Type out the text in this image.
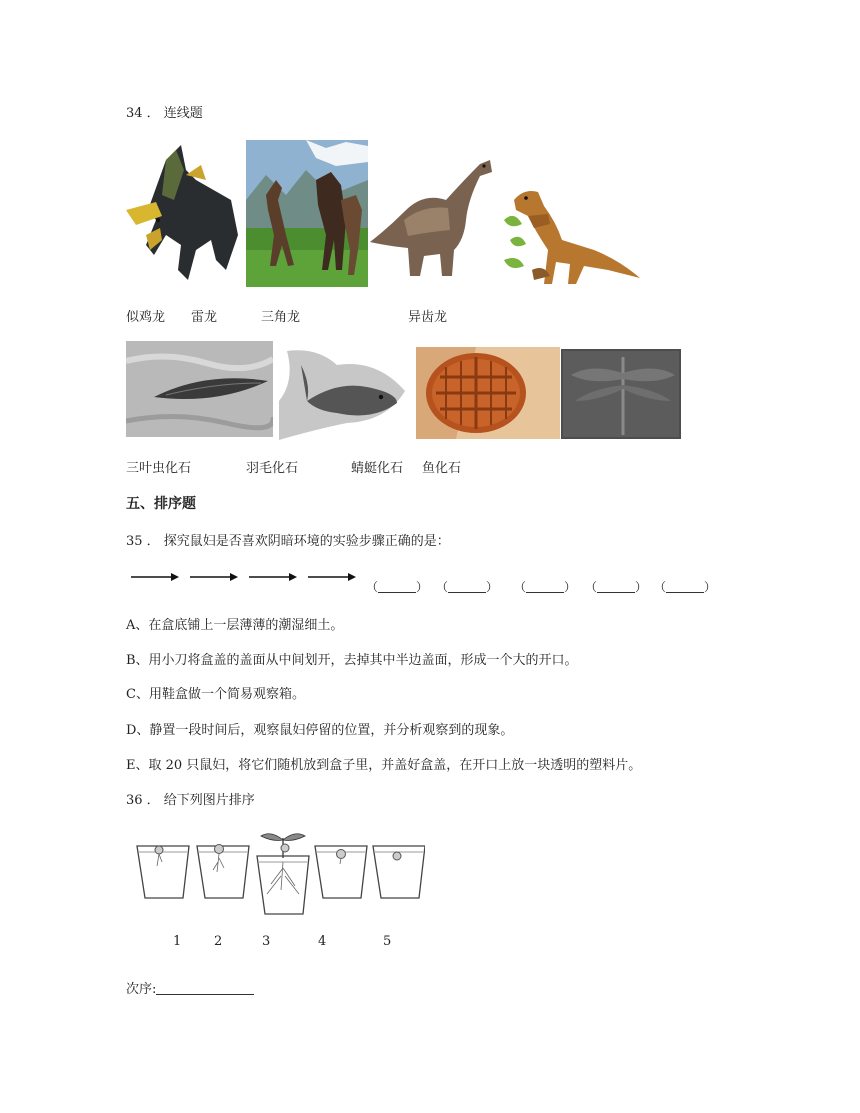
34 ． 连线题
似鸡龙 雷龙	三角龙	异齿龙
三叶虫化石	羽毛化石	蜻蜓化石 鱼化石
五、排序题
35 ． 探究鼠妇是否喜欢阴暗环境的实验步骤正确的是：
（	） （	） （	） （	） （	）
A、在盒底铺上一层薄薄的潮湿细土。
B、用小刀将盒盖的盖面从中间划开，去掉其中半边盖面，形成一个大的开口。
C、用鞋盒做一个简易观察箱。
D、静置一段时间后，观察鼠妇停留的位置，并分析观察到的现象。
E、取 20 只鼠妇，将它们随机放到盒子里，并盖好盒盖，在开口上放一块透明的塑料片。
36 ． 给下列图片排序
1	2	3	4	5
次序:
